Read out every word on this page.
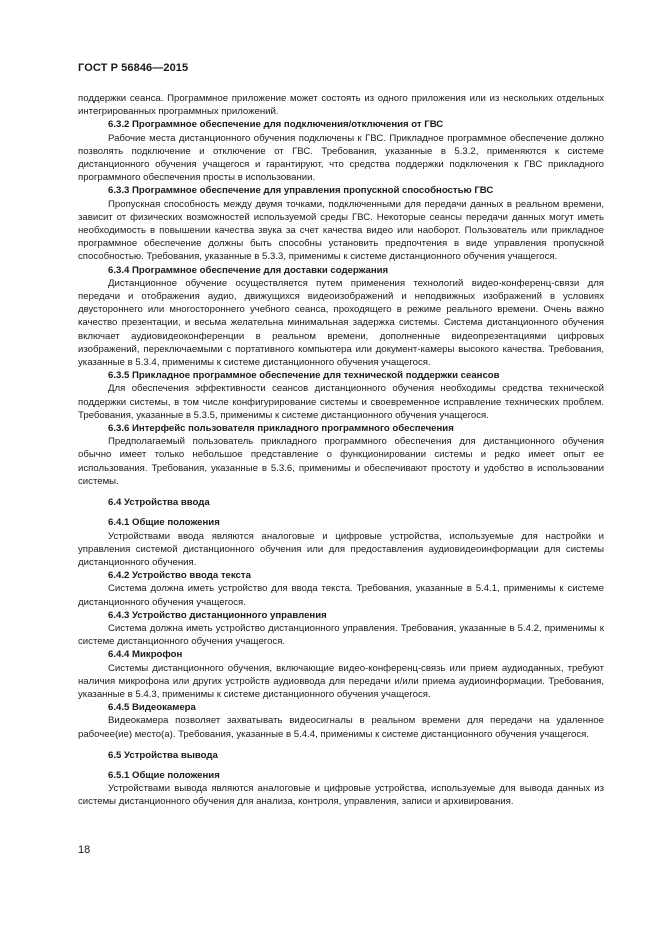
ГОСТ Р 56846—2015

поддержки сеанса. Программное приложение может состоять из одного приложения или из нескольких отдельных интегрированных программных приложений.

6.3.2 Программное обеспечение для подключения/отключения от ГВС

Рабочие места дистанционного обучения подключены к ГВС. Прикладное программное обеспечение должно позволять подключение и отключение от ГВС. Требования, указанные в 5.3.2, применяются к системе дистанционного обучения учащегося и гарантируют, что средства поддержки подключения к ГВС прикладного программного обеспечения просты в использовании.

6.3.3 Программное обеспечение для управления пропускной способностью ГВС

Пропускная способность между двумя точками, подключенными для передачи данных в реальном времени, зависит от физических возможностей используемой среды ГВС. Некоторые сеансы передачи данных могут иметь необходимость в повышении качества звука за счет качества видео или наоборот. Пользователь или прикладное программное обеспечение должны быть способны установить предпочтения в виде управления пропускной способностью. Требования, указанные в 5.3.3, применимы к системе дистанционного обучения учащегося.

6.3.4 Программное обеспечение для доставки содержания

Дистанционное обучение осуществляется путем применения технологий видео-конференц-связи для передачи и отображения аудио, движущихся видеоизображений и неподвижных изображений в условиях двустороннего или многостороннего учебного сеанса, проходящего в режиме реального времени. Очень важно качество презентации, и весьма желательна минимальная задержка системы. Система дистанционного обучения включает аудиовидеоконференции в реальном времени, дополненные видеопрезентациями цифровых изображений, переключаемыми с портативного компьютера или документ-камеры высокого качества. Требования, указанные в 5.3.4, применимы к системе дистанционного обучения учащегося.

6.3.5 Прикладное программное обеспечение для технической поддержки сеансов

Для обеспечения эффективности сеансов дистанционного обучения необходимы средства технической поддержки системы, в том числе конфигурирование системы и своевременное исправление технических проблем. Требования, указанные в 5.3.5, применимы к системе дистанционного обучения учащегося.

6.3.6 Интерфейс пользователя прикладного программного обеспечения

Предполагаемый пользователь прикладного программного обеспечения для дистанционного обучения обычно имеет только небольшое представление о функционировании системы и редко имеет опыт ее использования. Требования, указанные в 5.3.6, применимы и обеспечивают простоту и удобство в использовании системы.

6.4 Устройства ввода
6.4.1 Общие положения

Устройствами ввода являются аналоговые и цифровые устройства, используемые для настройки и управления системой дистанционного обучения или для предоставления аудиовидеоинформации для системы дистанционного обучения.

6.4.2 Устройство ввода текста

Система должна иметь устройство для ввода текста. Требования, указанные в 5.4.1, применимы к системе дистанционного обучения учащегося.

6.4.3 Устройство дистанционного управления

Система должна иметь устройство дистанционного управления. Требования, указанные в 5.4.2, применимы к системе дистанционного обучения учащегося.

6.4.4 Микрофон

Системы дистанционного обучения, включающие видео-конференц-связь или прием аудиоданных, требуют наличия микрофона или других устройств аудиоввода для передачи и/или приема аудиоинформации. Требования, указанные в 5.4.3, применимы к системе дистанционного обучения учащегося.

6.4.5 Видеокамера

Видеокамера позволяет захватывать видеосигналы в реальном времени для передачи на удаленное рабочее(ие) место(а). Требования, указанные в 5.4.4, применимы к системе дистанционного обучения учащегося.

6.5 Устройства вывода
6.5.1 Общие положения

Устройствами вывода являются аналоговые и цифровые устройства, используемые для вывода данных из системы дистанционного обучения для анализа, контроля, управления, записи и архивирования.

18
